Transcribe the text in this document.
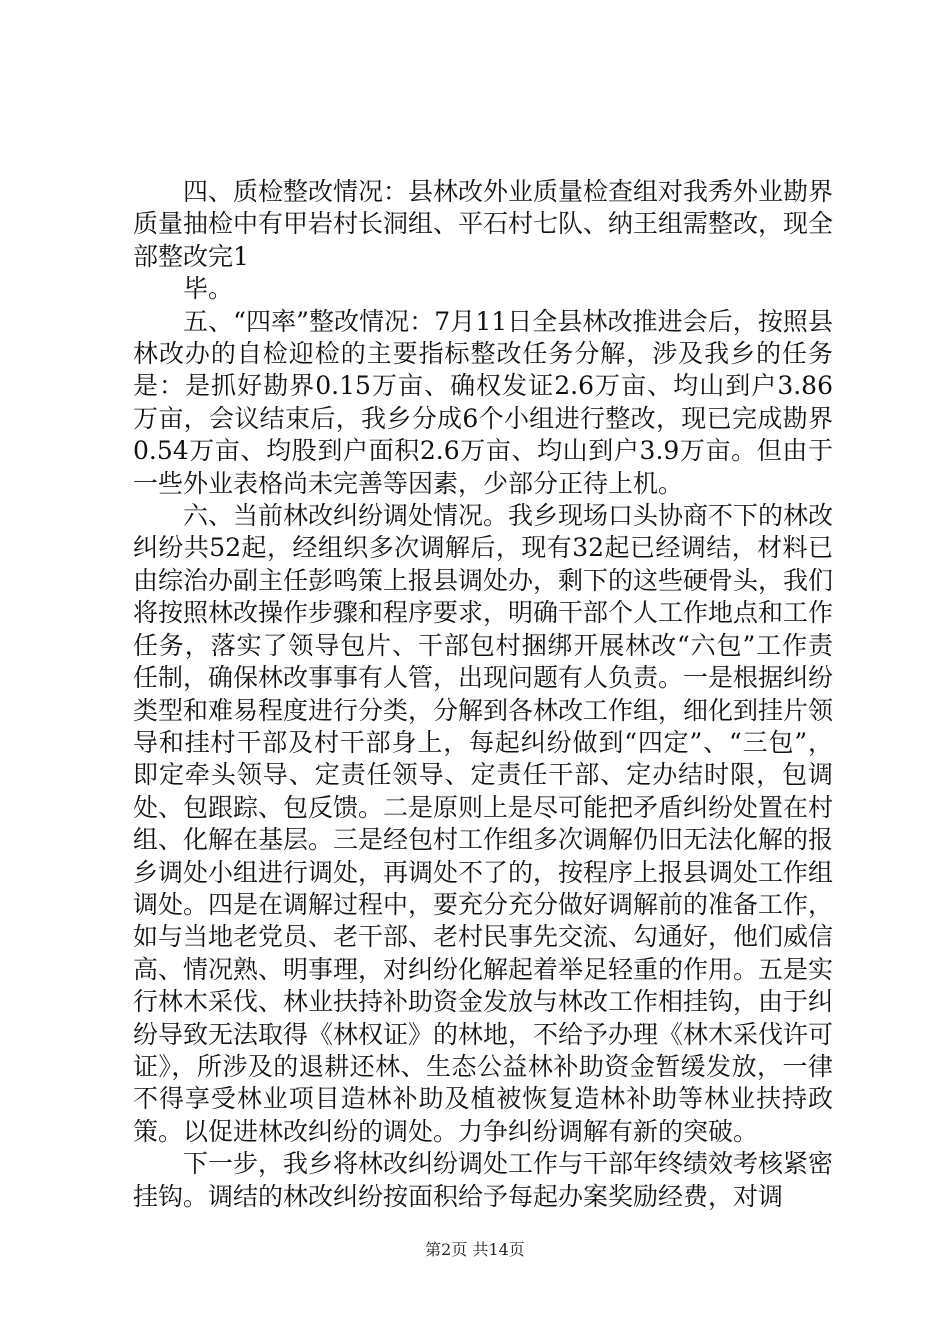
四、质检整改情况：县林改外业质量检查组对我秀外业勘界质量抽检中有甲岩村长洞组、平石村七队、纳王组需整改，现全部整改完1

毕。

五、“四率”整改情况：7月11日全县林改推进会后，按照县林改办的自检迎检的主要指标整改任务分解，涉及我乡的任务是：是抓好勘界0.15万亩、确权发证2.6万亩、均山到户3.86万亩，会议结束后，我乡分成6个小组进行整改，现已完成勘界0.54万亩、均股到户面积2.6万亩、均山到户3.9万亩。但由于一些外业表格尚未完善等因素，少部分正待上机。

六、当前林改纠纷调处情况。我乡现场口头协商不下的林改纠纷共52起，经组织多次调解后，现有32起已经调结，材料已由综治办副主任彭鸣策上报县调处办，剩下的这些硬骨头，我们将按照林改操作步骤和程序要求，明确干部个人工作地点和工作任务，落实了领导包片、干部包村捆绑开展林改“六包”工作责任制，确保林改事事有人管，出现问题有人负责。一是根据纠纷类型和难易程度进行分类，分解到各林改工作组，细化到挂片领导和挂村干部及村干部身上，每起纠纷做到“四定”、“三包”，即定牵头领导、定责任领导、定责任干部、定办结时限，包调处、包跟踪、包反馈。二是原则上是尽可能把矛盾纠纷处置在村组、化解在基层。三是经包村工作组多次调解仍旧无法化解的报乡调处小组进行调处，再调处不了的，按程序上报县调处工作组调处。四是在调解过程中，要充分充分做好调解前的准备工作，如与当地老党员、老干部、老村民事先交流、勾通好，他们威信高、情况熟、明事理，对纠纷化解起着举足轻重的作用。五是实行林木采伐、林业扶持补助资金发放与林改工作相挂钩，由于纠纷导致无法取得《林权证》的林地，不给予办理《林木采伐许可证》，所涉及的退耕还林、生态公益林补助资金暂缓发放，一律不得享受林业项目造林补助及植被恢复造林补助等林业扶持政策。以促进林改纠纷的调处。力争纠纷调解有新的突破。

下一步，我乡将林改纠纷调处工作与干部年终绩效考核紧密挂钩。调结的林改纠纷按面积给予每起办案奖励经费，对调

第2页 共14页
